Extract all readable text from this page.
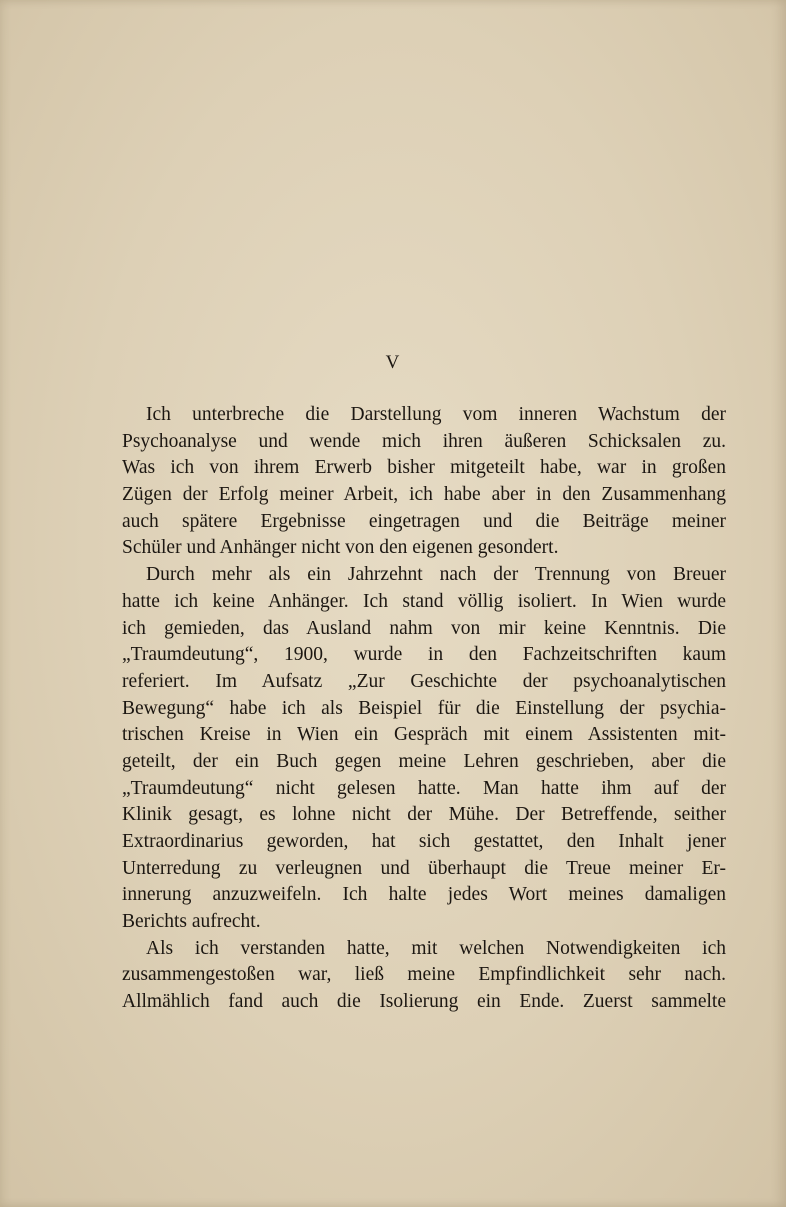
V
Ich unterbreche die Darstellung vom inneren Wachstum der
Psychoanalyse und wende mich ihren äußeren Schicksalen zu.
Was ich von ihrem Erwerb bisher mitgeteilt habe, war in großen
Zügen der Erfolg meiner Arbeit, ich habe aber in den Zusammenhang
auch spätere Ergebnisse eingetragen und die Beiträge meiner
Schüler und Anhänger nicht von den eigenen gesondert.
Durch mehr als ein Jahrzehnt nach der Trennung von Breuer
hatte ich keine Anhänger. Ich stand völlig isoliert. In Wien wurde
ich gemieden, das Ausland nahm von mir keine Kenntnis. Die
„Traumdeutung“, 1900, wurde in den Fachzeitschriften kaum
referiert. Im Aufsatz „Zur Geschichte der psychoanalytischen
Bewegung“ habe ich als Beispiel für die Einstellung der psychia-
trischen Kreise in Wien ein Gespräch mit einem Assistenten mit-
geteilt, der ein Buch gegen meine Lehren geschrieben, aber die
„Traumdeutung“ nicht gelesen hatte. Man hatte ihm auf der
Klinik gesagt, es lohne nicht der Mühe. Der Betreffende, seither
Extraordinarius geworden, hat sich gestattet, den Inhalt jener
Unterredung zu verleugnen und überhaupt die Treue meiner Er-
innerung anzuzweifeln. Ich halte jedes Wort meines damaligen
Berichts aufrecht.
Als ich verstanden hatte, mit welchen Notwendigkeiten ich
zusammengestoßen war, ließ meine Empfindlichkeit sehr nach.
Allmählich fand auch die Isolierung ein Ende. Zuerst sammelte
